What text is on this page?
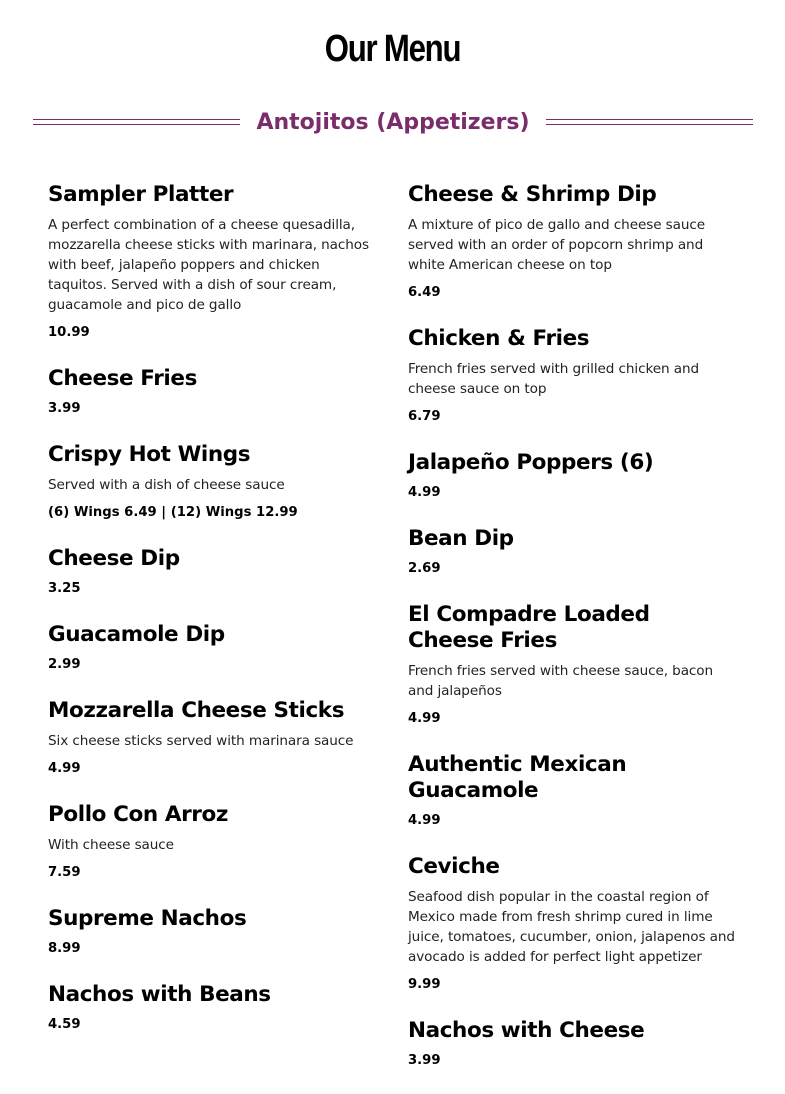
Our Menu
Antojitos (Appetizers)
Sampler Platter
A perfect combination of a cheese quesadilla, mozzarella cheese sticks with marinara, nachos with beef, jalapeño poppers and chicken taquitos. Served with a dish of sour cream, guacamole and pico de gallo
10.99
Cheese Fries
3.99
Crispy Hot Wings
Served with a dish of cheese sauce
(6) Wings 6.49 | (12) Wings 12.99
Cheese Dip
3.25
Guacamole Dip
2.99
Mozzarella Cheese Sticks
Six cheese sticks served with marinara sauce
4.99
Pollo Con Arroz
With cheese sauce
7.59
Supreme Nachos
8.99
Nachos with Beans
4.59
Cheese & Shrimp Dip
A mixture of pico de gallo and cheese sauce served with an order of popcorn shrimp and white American cheese on top
6.49
Chicken & Fries
French fries served with grilled chicken and cheese sauce on top
6.79
Jalapeño Poppers (6)
4.99
Bean Dip
2.69
El Compadre Loaded Cheese Fries
French fries served with cheese sauce, bacon and jalapeños
4.99
Authentic Mexican Guacamole
4.99
Ceviche
Seafood dish popular in the coastal region of Mexico made from fresh shrimp cured in lime juice, tomatoes, cucumber, onion, jalapenos and avocado is added for perfect light appetizer
9.99
Nachos with Cheese
3.99
